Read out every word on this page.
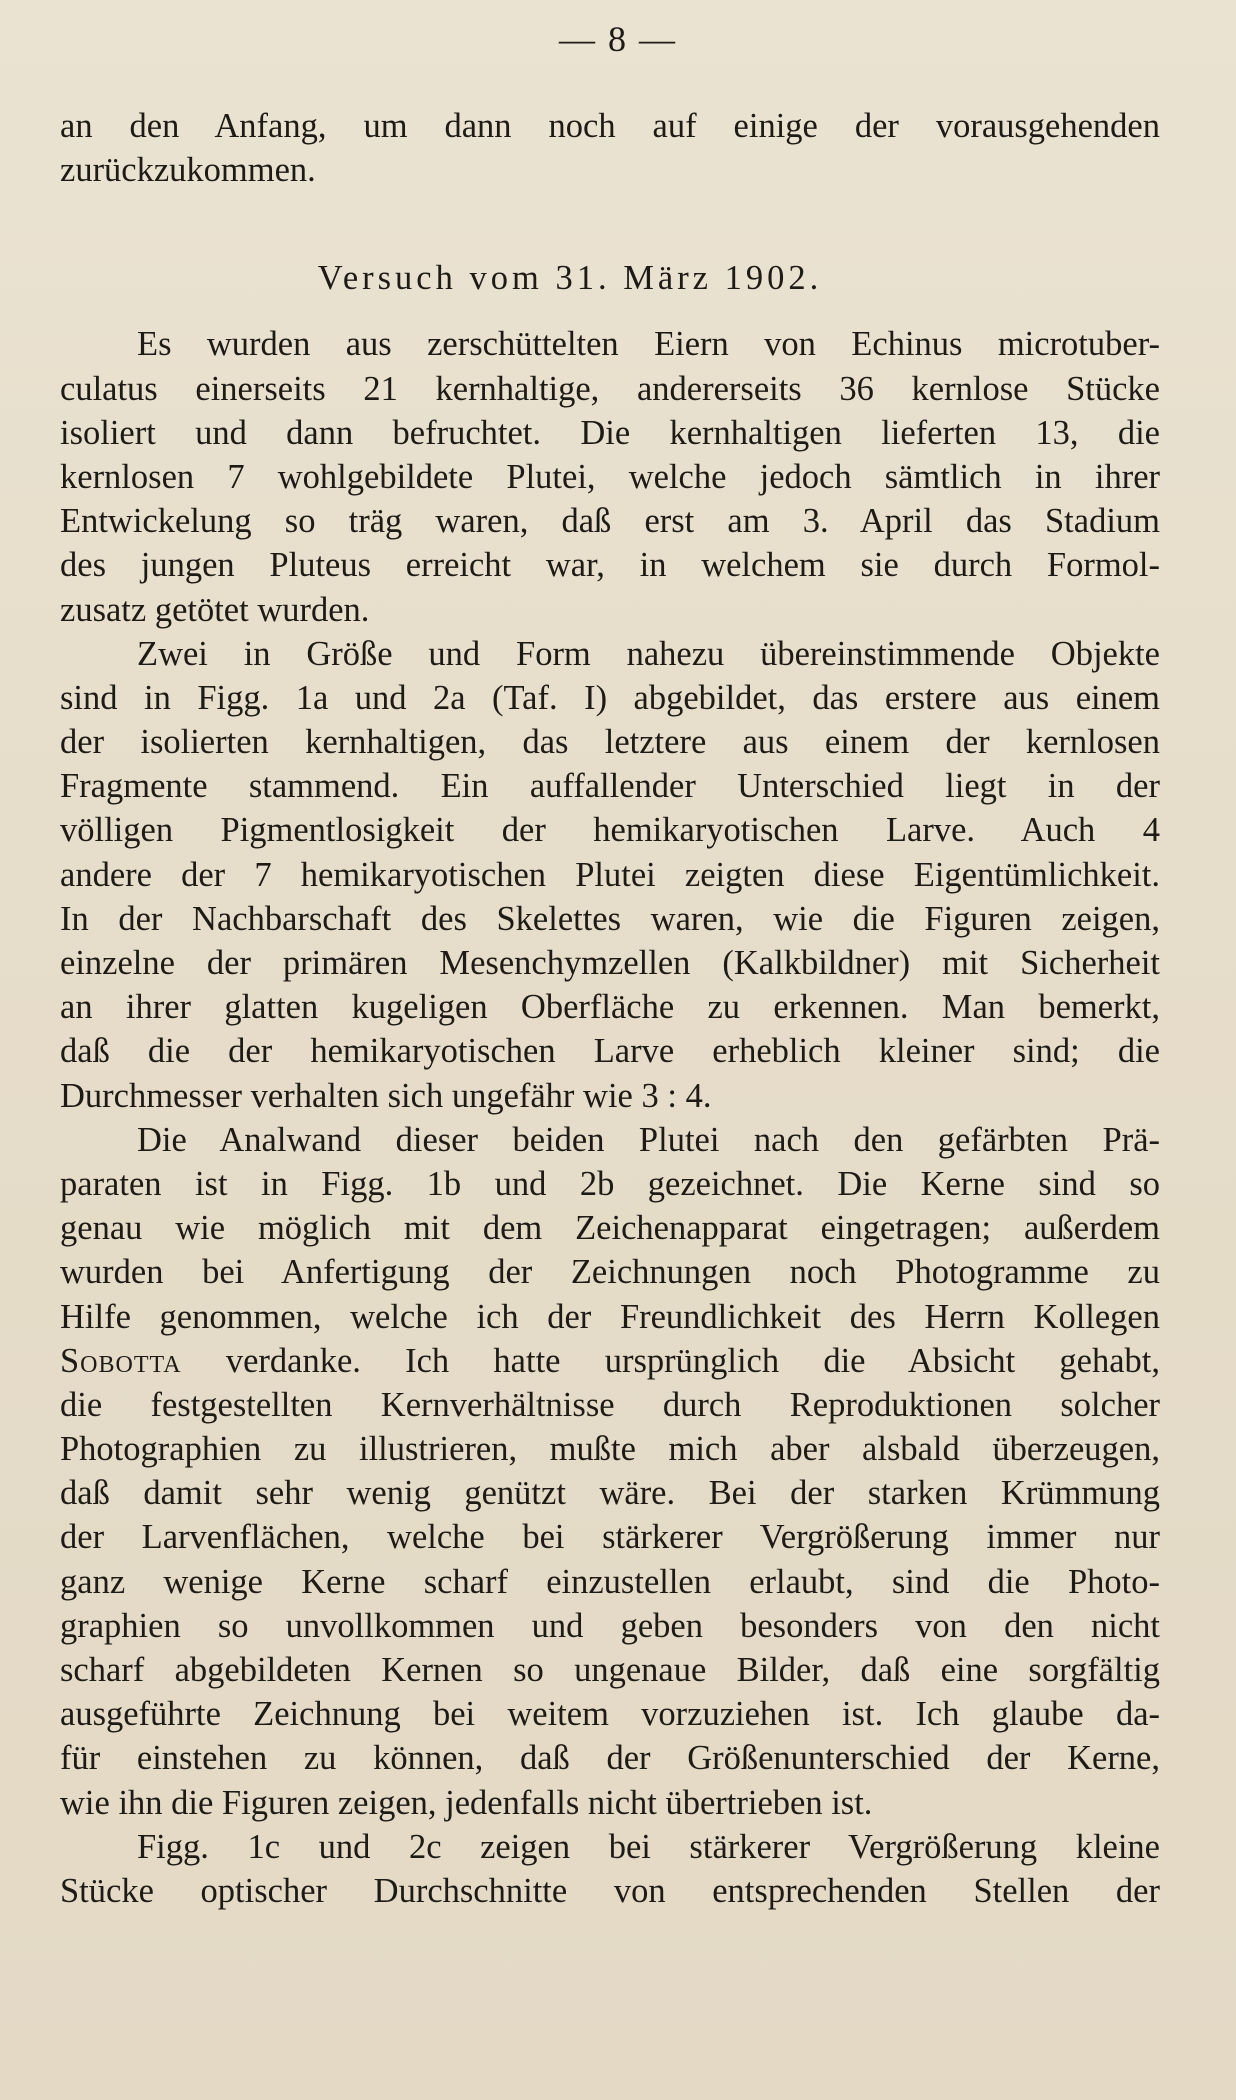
— 8 —
an den Anfang, um dann noch auf einige der vorausgehenden
zurückzukommen.
Versuch vom 31. März 1902.
Es wurden aus zerschüttelten Eiern von Echinus microtuber-
culatus einerseits 21 kernhaltige, andererseits 36 kernlose Stücke
isoliert und dann befruchtet. Die kernhaltigen lieferten 13, die
kernlosen 7 wohlgebildete Plutei, welche jedoch sämtlich in ihrer
Entwickelung so träg waren, daß erst am 3. April das Stadium
des jungen Pluteus erreicht war, in welchem sie durch Formol-
zusatz getötet wurden.
Zwei in Größe und Form nahezu übereinstimmende Objekte
sind in Figg. 1a und 2a (Taf. I) abgebildet, das erstere aus einem
der isolierten kernhaltigen, das letztere aus einem der kernlosen
Fragmente stammend. Ein auffallender Unterschied liegt in der
völligen Pigmentlosigkeit der hemikaryotischen Larve. Auch 4
andere der 7 hemikaryotischen Plutei zeigten diese Eigentümlichkeit.
In der Nachbarschaft des Skelettes waren, wie die Figuren zeigen,
einzelne der primären Mesenchymzellen (Kalkbildner) mit Sicherheit
an ihrer glatten kugeligen Oberfläche zu erkennen. Man bemerkt,
daß die der hemikaryotischen Larve erheblich kleiner sind; die
Durchmesser verhalten sich ungefähr wie 3 : 4.
Die Analwand dieser beiden Plutei nach den gefärbten Prä-
paraten ist in Figg. 1b und 2b gezeichnet. Die Kerne sind so
genau wie möglich mit dem Zeichenapparat eingetragen; außerdem
wurden bei Anfertigung der Zeichnungen noch Photogramme zu
Hilfe genommen, welche ich der Freundlichkeit des Herrn Kollegen
Sobotta verdanke. Ich hatte ursprünglich die Absicht gehabt,
die festgestellten Kernverhältnisse durch Reproduktionen solcher
Photographien zu illustrieren, mußte mich aber alsbald überzeugen,
daß damit sehr wenig genützt wäre. Bei der starken Krümmung
der Larvenflächen, welche bei stärkerer Vergrößerung immer nur
ganz wenige Kerne scharf einzustellen erlaubt, sind die Photo-
graphien so unvollkommen und geben besonders von den nicht
scharf abgebildeten Kernen so ungenaue Bilder, daß eine sorgfältig
ausgeführte Zeichnung bei weitem vorzuziehen ist. Ich glaube da-
für einstehen zu können, daß der Größenunterschied der Kerne,
wie ihn die Figuren zeigen, jedenfalls nicht übertrieben ist.
Figg. 1c und 2c zeigen bei stärkerer Vergrößerung kleine
Stücke optischer Durchschnitte von entsprechenden Stellen der
